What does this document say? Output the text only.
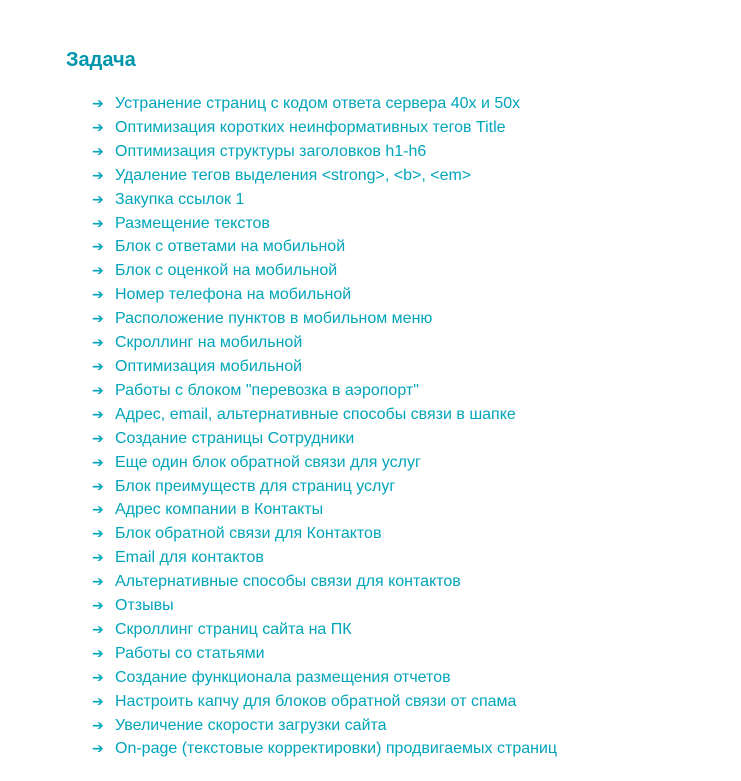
Задача
➔ Устранение страниц с кодом ответа сервера 40x и 50x
➔ Оптимизация коротких неинформативных тегов Title
➔ Оптимизация структуры заголовков h1-h6
➔ Удаление тегов выделения <strong>, <b>, <em>
➔ Закупка ссылок 1
➔ Размещение текстов
➔ Блок с ответами на мобильной
➔ Блок с оценкой на мобильной
➔ Номер телефона на мобильной
➔ Расположение пунктов в мобильном меню
➔ Скроллинг на мобильной
➔ Оптимизация мобильной
➔ Работы с блоком "перевозка в аэропорт"
➔ Адрес, email, альтернативные способы связи в шапке
➔ Создание страницы Сотрудники
➔ Еще один блок обратной связи для услуг
➔ Блок преимуществ для страниц услуг
➔ Адрес компании в Контакты
➔ Блок обратной связи для Контактов
➔ Email для контактов
➔ Альтернативные способы связи для контактов
➔ Отзывы
➔ Скроллинг страниц сайта на ПК
➔ Работы со статьями
➔ Создание функционала размещения отчетов
➔ Настроить капчу для блоков обратной связи от спама
➔ Увеличение скорости загрузки сайта
➔ On-page (текстовые корректировки) продвигаемых страниц
